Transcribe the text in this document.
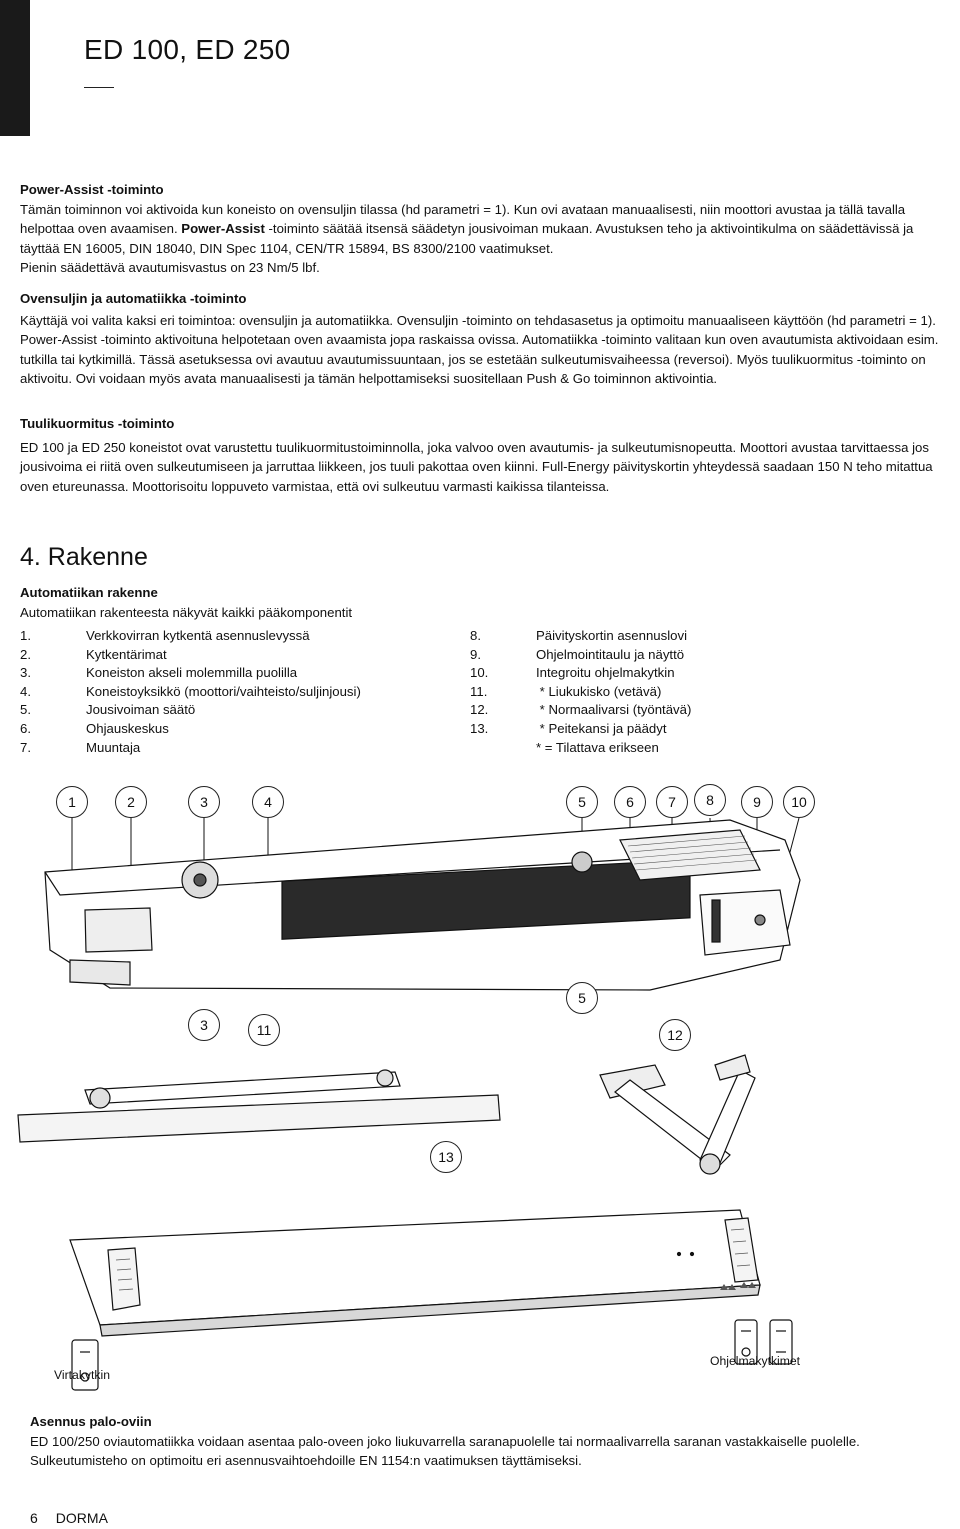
ED 100, ED 250
Power-Assist -toiminto

Tämän toiminnon voi aktivoida kun koneisto on ovensuljin tilassa (hd parametri = 1). Kun ovi avataan manuaalisesti, niin moottori avustaa ja tällä tavalla helpottaa oven avaamisen. Power-Assist -toiminto säätää itsensä säädetyn jousivoiman mukaan. Avustuksen teho ja aktivointikulma on säädettävissä ja täyttää EN 16005, DIN 18040, DIN Spec 1104, CEN/TR 15894, BS 8300/2100 vaatimukset.

Pienin säädettävä avautumisvastus on 23 Nm/5 lbf.

Ovensuljin ja automatiikka -toiminto

Käyttäjä voi valita kaksi eri toimintoa: ovensuljin ja automatiikka. Ovensuljin -toiminto on tehdasasetus ja optimoitu manuaaliseen käyttöön (hd parametri = 1). Power-Assist -toiminto aktivoituna helpotetaan oven avaamista jopa raskaissa ovissa. Automatiikka -toiminto valitaan kun oven avautumista aktivoidaan esim. tutkilla tai kytkimillä. Tässä asetuksessa ovi avautuu avautumissuuntaan, jos se estetään sulkeutumisvaiheessa (reversoi). Myös tuulikuormitus -toiminto on aktivoitu. Ovi voidaan myös avata manuaalisesti ja tämän helpottamiseksi suositellaan Push & Go toiminnon aktivointia.

Tuulikuormitus -toiminto

ED 100 ja ED 250 koneistot ovat varustettu tuulikuormitustoiminnolla, joka valvoo oven avautumis- ja sulkeutumisnopeutta. Moottori avustaa tarvittaessa jos jousivoima ei riitä oven sulkeutumiseen ja jarruttaa liikkeen, jos tuuli pakottaa oven kiinni. Full-Energy päivityskortin yhteydessä saadaan 150 N teho mitattua oven etureunassa. Moottorisoitu loppuveto varmistaa, että ovi sulkeutuu varmasti kaikissa tilanteissa.

4. Rakenne
Automatiikan rakenne

Automatiikan rakenteesta näkyvät kaikki pääkomponentit

1.	Verkkovirran kytkentä asennuslevyssä
2.	Kytkentärimat
3.	Koneiston akseli molemmilla puolilla
4.	Koneistoyksikkö (moottori/vaihteisto/suljinjousi)
5.	Jousivoiman säätö
6.	Ohjauskeskus
7.	Muuntaja
8.	Päivityskortin asennuslovi
9.	Ohjelmointitaulu ja näyttö
10.	Integroitu ohjelmakytkin
11.	* Liukukisko (vetävä)
12.	* Normaalivarsi (työntävä)
13.	* Peitekansi ja päädyt
* = Tilattava erikseen
1	2	3	4	5	6	7	8	9	10
5
3	11	12
13
Virtakytkin
Ohjelmakytkimet
Asennus palo-oviin

ED 100/250 oviautomatiikka voidaan asentaa palo-oveen joko liukuvarrella saranapuolelle tai normaalivarrella saranan vastakkaiselle puolelle. Sulkeutumisteho on optimoitu eri asennusvaihtoehdoille EN 1154:n vaatimuksen täyttämiseksi.

6 DORMA
